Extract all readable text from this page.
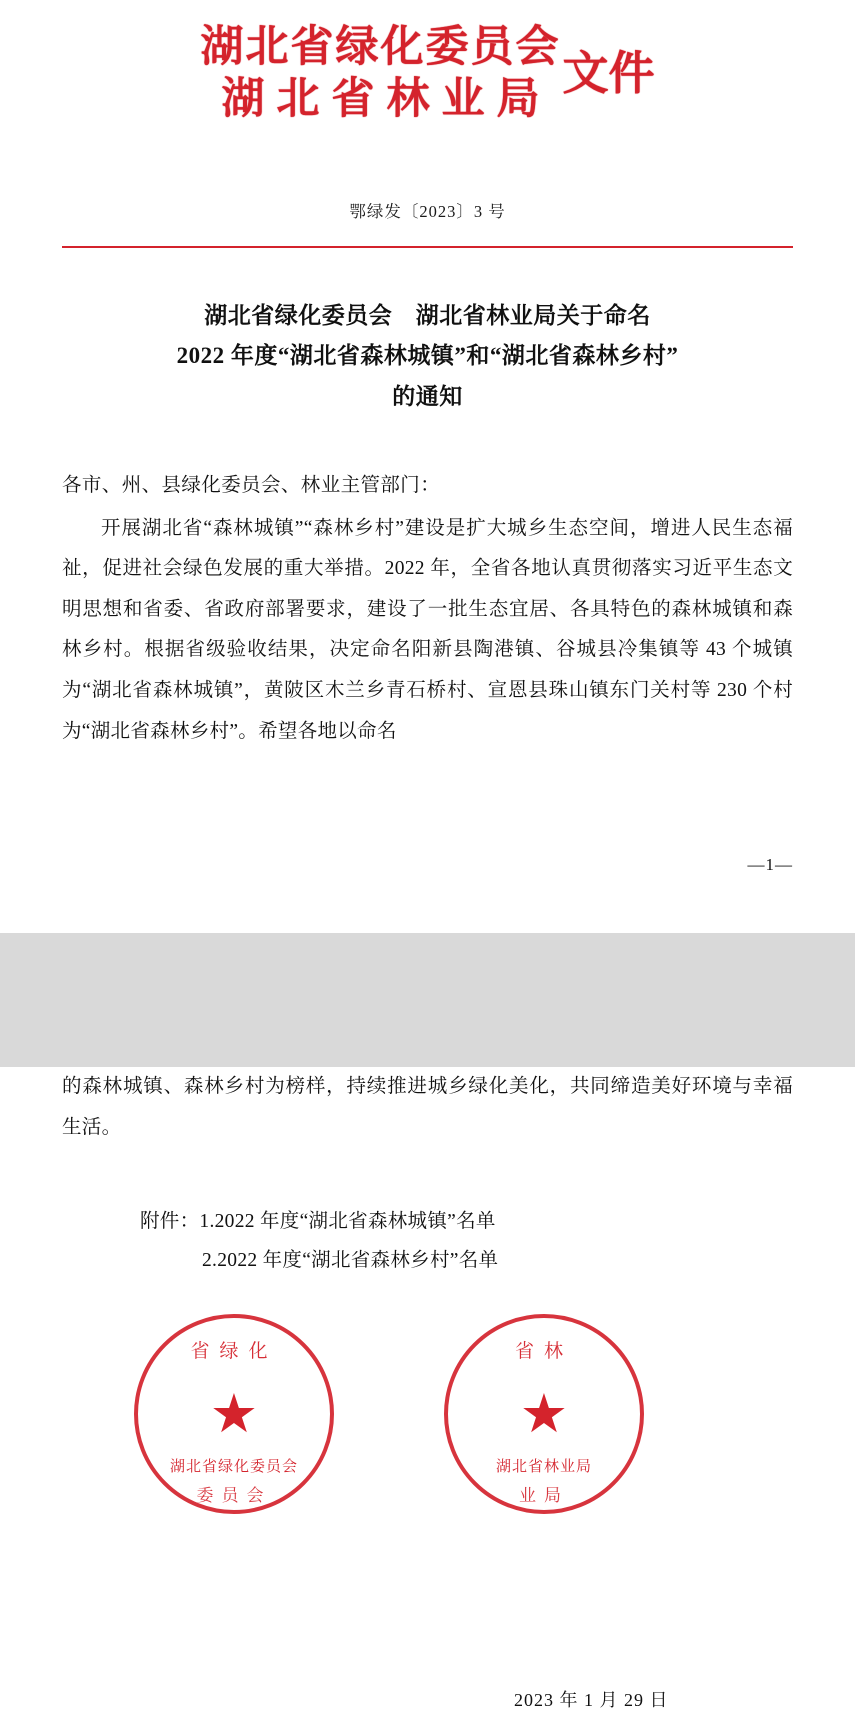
湖北省绿化委员会
湖北省林业局
文件
鄂绿发〔2023〕3 号
湖北省绿化委员会　湖北省林业局关于命名
2022 年度“湖北省森林城镇”和“湖北省森林乡村”
的通知
各市、州、县绿化委员会、林业主管部门：
开展湖北省“森林城镇”“森林乡村”建设是扩大城乡生态空间，增进人民生态福祉，促进社会绿色发展的重大举措。2022 年，全省各地认真贯彻落实习近平生态文明思想和省委、省政府部署要求，建设了一批生态宜居、各具特色的森林城镇和森林乡村。根据省级验收结果，决定命名阳新县陶港镇、谷城县冷集镇等 43 个城镇为“湖北省森林城镇”，黄陂区木兰乡青石桥村、宣恩县珠山镇东门关村等 230 个村为“湖北省森林乡村”。希望各地以命名
—1—
的森林城镇、森林乡村为榜样，持续推进城乡绿化美化，共同缔造美好环境与幸福生活。
附件：1.2022 年度“湖北省森林城镇”名单
2.2022 年度“湖北省森林乡村”名单
省绿化
★
湖北省绿化委员会
委员会
省林
★
湖北省林业局
业局
2023 年 1 月 29 日
